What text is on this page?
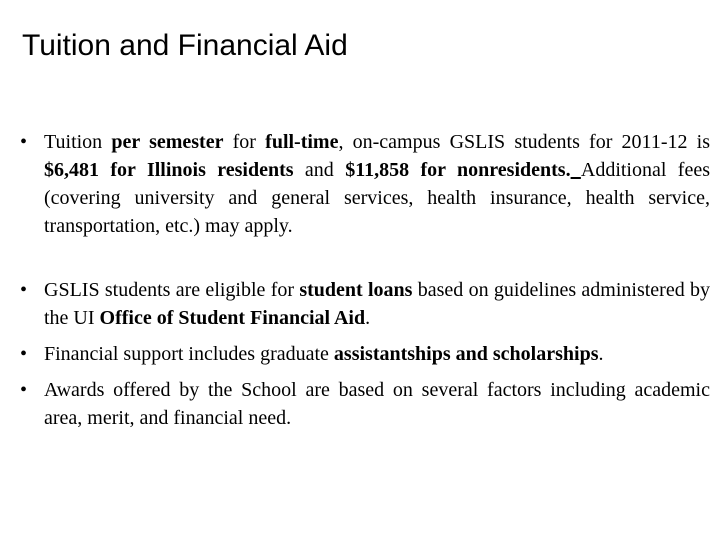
Tuition and Financial Aid
• Tuition per semester for full-time, on-campus GSLIS students for 2011-12 is $6,481 for Illinois residents and $11,858 for nonresidents. Additional fees (covering university and general services, health insurance, health service, transportation, etc.) may apply.
• GSLIS students are eligible for student loans based on guidelines administered by the UI Office of Student Financial Aid.
• Financial support includes graduate assistantships and scholarships.
• Awards offered by the School are based on several factors including academic area, merit, and financial need.
